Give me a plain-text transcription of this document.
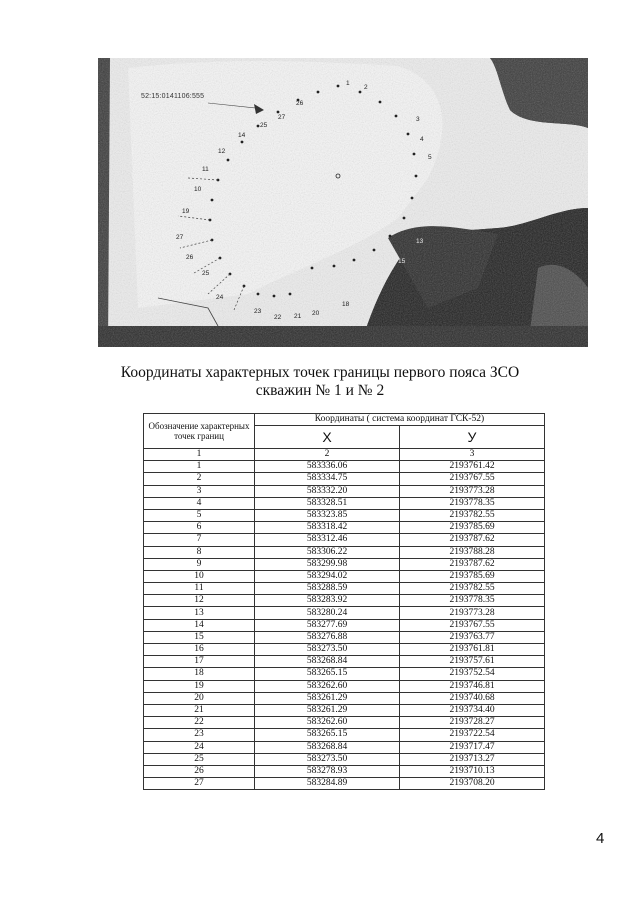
52:15:0141106:555
1
2
3
4
5
13
15
16
17
18
20
21
22
23
24
25
26
27
26
27
25
14
12
11
10
19
Координаты характерных точек границы первого пояса ЗСО
скважин № 1 и № 2
Обозначение характерных точек границ	Координаты ( система координат ГСК-52)	
	X	У
1	2	3
1	583336.06	2193761.42
2	583334.75	2193767.55
3	583332.20	2193773.28
4	583328.51	2193778.35
5	583323.85	2193782.55
6	583318.42	2193785.69
7	583312.46	2193787.62
8	583306.22	2193788.28
9	583299.98	2193787.62
10	583294.02	2193785.69
11	583288.59	2193782.55
12	583283.92	2193778.35
13	583280.24	2193773.28
14	583277.69	2193767.55
15	583276.88	2193763.77
16	583273.50	2193761.81
17	583268.84	2193757.61
18	583265.15	2193752.54
19	583262.60	2193746.81
20	583261.29	2193740.68
21	583261.29	2193734.40
22	583262.60	2193728.27
23	583265.15	2193722.54
24	583268.84	2193717.47
25	583273.50	2193713.27
26	583278.93	2193710.13
27	583284.89	2193708.20
4
